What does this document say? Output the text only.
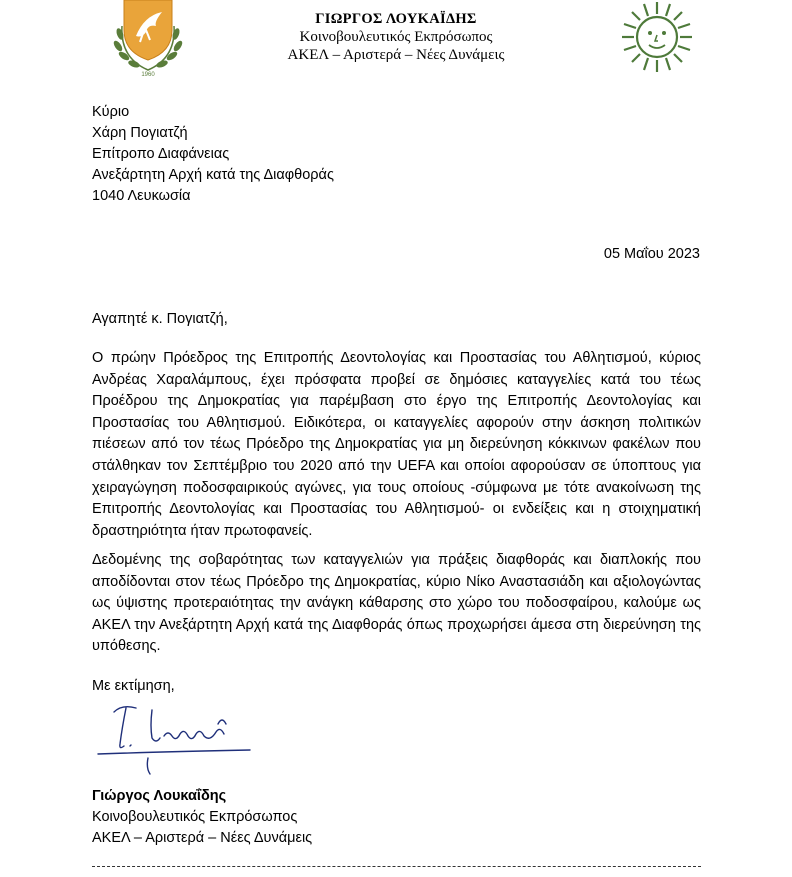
1960
ΓΙΩΡΓΟΣ ΛΟΥΚΑΪΔΗΣ
Κοινοβουλευτικός Εκπρόσωπος
ΑΚΕΛ – Αριστερά – Νέες Δυνάμεις
Κύριο
Χάρη Πογιατζή
Επίτροπο Διαφάνειας
Ανεξάρτητη Αρχή κατά της Διαφθοράς
1040 Λευκωσία
05 Μαΐου 2023
Αγαπητέ κ. Πογιατζή,
Ο πρώην Πρόεδρος της Επιτροπής Δεοντολογίας και Προστασίας του Αθλητισμού, κύριος Ανδρέας Χαραλάμπους, έχει πρόσφατα προβεί σε δημόσιες καταγγελίες κατά του τέως Προέδρου της Δημοκρατίας για παρέμβαση στο έργο της Επιτροπής Δεοντολογίας και Προστασίας του Αθλητισμού. Ειδικότερα, οι καταγγελίες αφορούν στην άσκηση πολιτικών πιέσεων από τον τέως Πρόεδρο της Δημοκρατίας για μη διερεύνηση κόκκινων φακέλων που στάλθηκαν τον Σεπτέμβριο του 2020 από την UEFA και οποίοι αφορούσαν σε ύποπτους για χειραγώγηση ποδοσφαιρικούς αγώνες, για τους οποίους -σύμφωνα με τότε ανακοίνωση της Επιτροπής Δεοντολογίας και Προστασίας του Αθλητισμού- οι ενδείξεις και η στοιχηματική δραστηριότητα ήταν πρωτοφανείς.
Δεδομένης της σοβαρότητας των καταγγελιών για πράξεις διαφθοράς και διαπλοκής που αποδίδονται στον τέως Πρόεδρο της Δημοκρατίας, κύριο Νίκο Αναστασιάδη και αξιολογώντας ως ύψιστης προτεραιότητας την ανάγκη κάθαρσης στο χώρο του ποδοσφαίρου, καλούμε ως ΑΚΕΛ την Ανεξάρτητη Αρχή κατά της Διαφθοράς όπως προχωρήσει άμεσα στη διερεύνηση της υπόθεσης.
Με εκτίμηση,
Γιώργος Λουκαΐδης
Κοινοβουλευτικός Εκπρόσωπος
ΑΚΕΛ – Αριστερά – Νέες Δυνάμεις
